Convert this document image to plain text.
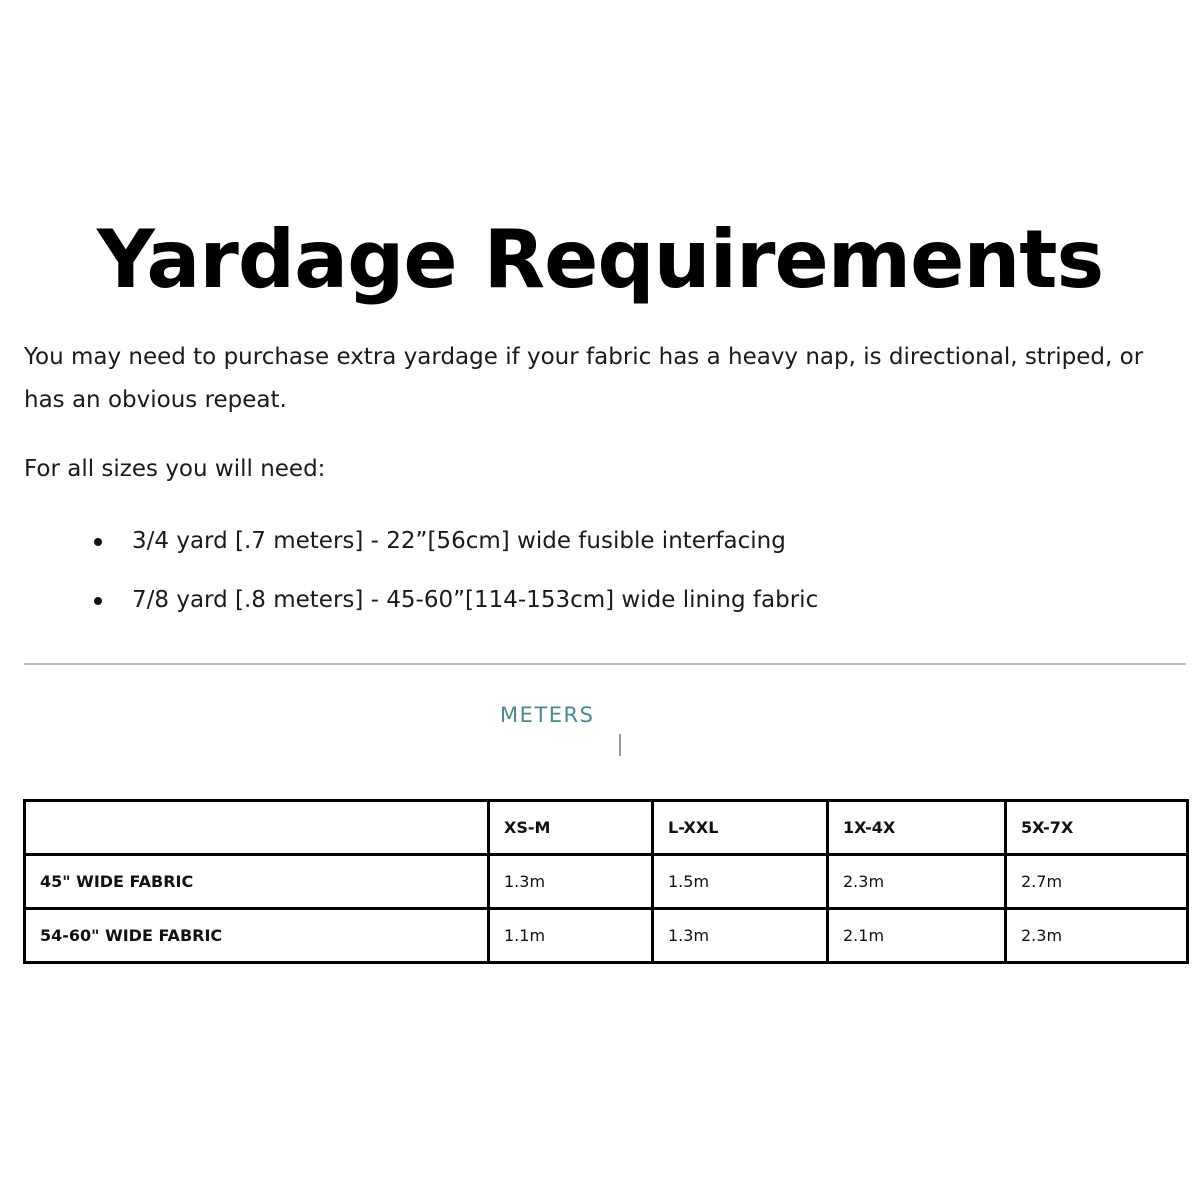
Yardage Requirements

You may need to purchase extra yardage if your fabric has a heavy nap, is directional, striped, or has an obvious repeat.

For all sizes you will need:

3/4 yard [.7 meters] - 22”[56cm] wide fusible interfacing
7/8 yard [.8 meters] - 45-60”[114-153cm] wide lining fabric
METERS
	XS-M	L-XXL	1X-4X	5X-7X
45" WIDE FABRIC	1.3m	1.5m	2.3m	2.7m
54-60" WIDE FABRIC	1.1m	1.3m	2.1m	2.3m
